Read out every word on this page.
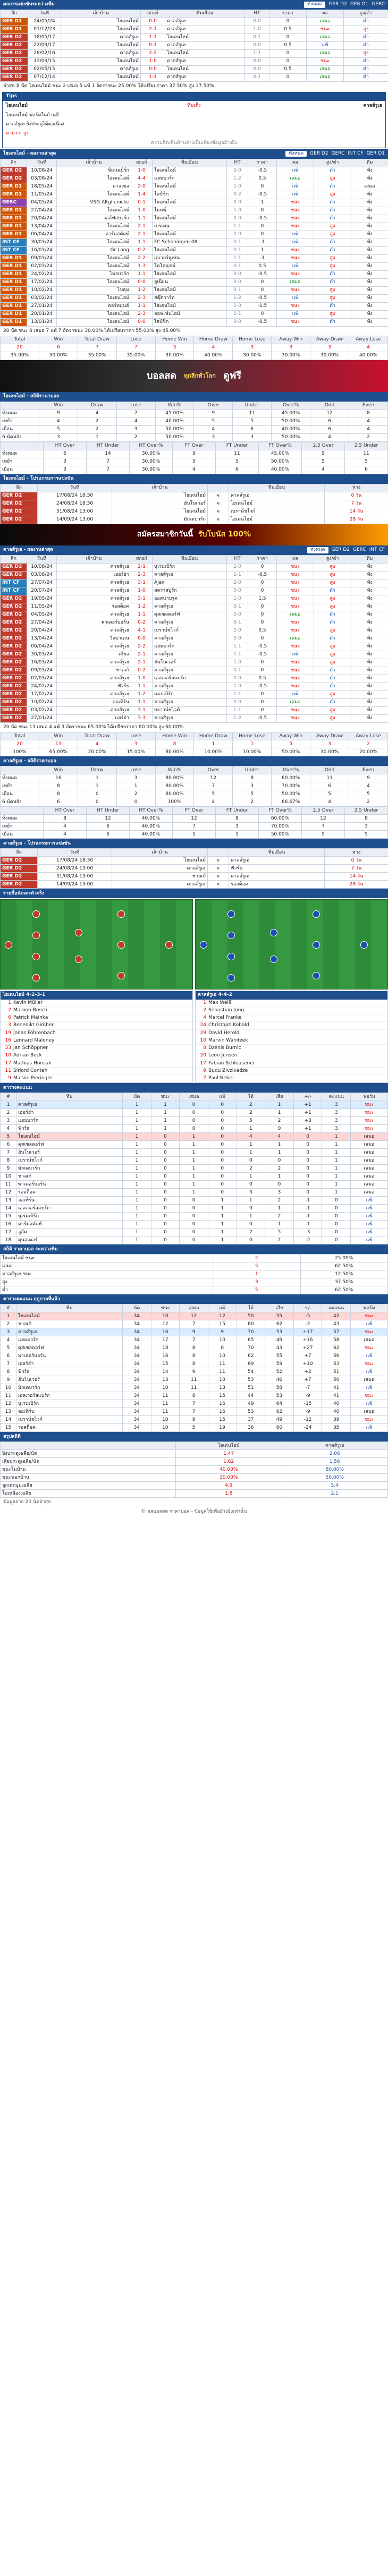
ผลการแข่งขันระหว่างทีม	ทั้งหมด	GER D2 GER D1 GERC
ลีก	วันที่	เจ้าบ้าน	สกอร์	ทีมเยือน	HT	ราคา	ผล	สูง/ต่ำ
GER D1	24/05/24	ไฮเดนไฮม์	0-0	คาลส์รูเฮ	0-0	0	เสมอ	ต่ำ
GER D1	01/12/23	ไฮเดนไฮม์	2-1	คาลส์รูเฮ	1-0	0.5	ชนะ	สูง
GER D2	18/05/17	คาลส์รูเฮ	1-1	ไฮเดนไฮม์	0-1	0	เสมอ	ต่ำ
GER D2	22/09/17	ไฮเดนไฮม์	0-1	คาลส์รูเฮ	0-0	0.5	แพ้	ต่ำ
GER D2	28/02/16	คาลส์รูเฮ	2-2	ไฮเดนไฮม์	1-1	0	เสมอ	สูง
GER D2	13/09/15	ไฮเดนไฮม์	1-0	คาลส์รูเฮ	0-0	0	ชนะ	ต่ำ
GER D2	02/05/15	คาลส์รูเฮ	0-0	ไฮเดนไฮม์	0-0	0.5	เสมอ	ต่ำ
GER D2	07/12/14	ไฮเดนไฮม์	1-1	คาลส์รูเฮ	0-1	0	เสมอ	ต่ำ
ล่าสุด 8 นัด ไฮเดนไฮม์ ชนะ 2 เสมอ 5 แพ้ 1 อัตราชนะ 25.00% ได้เปรียบราคา 37.50% สูง 37.50%
Tips
ไฮเดนไฮม์	ทีมเต็ง	คาลส์รูเฮ
ไฮเดนไฮม์ ฟอร์มในบ้านดี
คาลส์รูเฮ ยิงประตูได้ต่อเนื่อง
คาดว่า: สูง
ความคิดเห็นด้านล่างเป็นเพียงข้อมูลอ้างอิง
ไฮเดนไฮม์ - ผลงานล่าสุด	ทั้งหมด	GER D2 GERC INT CF GER D1
ลีก	วันที่	เจ้าบ้าน	สกอร์	ทีมเยือน	HT	ราคา	ผล	สูง/ต่ำ	ทีม
GER D2	10/08/24	ซิเดนเบิร์ก	1-0	ไฮเดนไฮม์	0-0	-0.5	แพ้	ต่ำ	ทั้ง
GER D2	03/08/24	ไฮเดนไฮม์	4-4	แฮมบวร์ก	1-2	0.5	เสมอ	สูง	ทั้ง
GER D1	18/05/24	คาสเซล	2-0	ไฮเดนไฮม์	1-0	0	แพ้	ต่ำ	เสมอ
GER D1	11/05/24	ไฮเดนไฮม์	1-4	ไลป์ซิก	0-2	-0.5	แพ้	สูง	ทั้ง
GERC	04/05/24	VSG Altglienicke	0-1	ไฮเดนไฮม์	0-0	1	ชนะ	ต่ำ	ทั้ง
GER D1	27/04/24	ไฮเดนไฮม์	1-0	ไมนซ์	1-0	0	ชนะ	ต่ำ	ทั้ง
GER D1	20/04/24	วอล์ฟสบวร์ก	1-1	ไฮเดนไฮม์	0-0	-0.5	ชนะ	ต่ำ	ทั้ง
GER D1	13/04/24	ไฮเดนไฮม์	2-1	เบรเมน	1-1	0	ชนะ	สูง	ทั้ง
GER D1	06/04/24	ดาร์มสตัดท์	2-1	ไฮเดนไฮม์	2-0	0	แพ้	สูง	ทั้ง
INT CF	30/03/24	ไฮเดนไฮม์	1-1	FC Schoningen 08	0-1	-1	แพ้	ต่ำ	ทั้ง
INT CF	16/03/24	Gr Lang	0-2	ไฮเดนไฮม์	0-1	1	ชนะ	ต่ำ	ทั้ง
GER D1	09/03/24	ไฮเดนไฮม์	2-2	เลเวอร์คูเซ่น	1-1	-1	ชนะ	สูง	ทั้ง
GER D1	02/03/24	ไฮเดนไฮม์	1-3	โคโลญจน์	0-1	0.5	แพ้	สูง	ทั้ง
GER D1	24/02/24	ไฟรบวร์ก	1-1	ไฮเดนไฮม์	0-0	-0.5	ชนะ	ต่ำ	ทั้ง
GER D1	17/02/24	ไฮเดนไฮม์	0-0	ยูเนี่ยน	0-0	0	เสมอ	ต่ำ	ทั้ง
GER D1	10/02/24	โบคุม	1-2	ไฮเดนไฮม์	0-1	0	ชนะ	สูง	ทั้ง
GER D1	03/02/24	ไฮเดนไฮม์	2-3	สตุ๊ตการ์ท	1-2	-0.5	แพ้	สูง	ทั้ง
GER D1	27/01/24	ดอร์ทมุนด์	1-1	ไฮเดนไฮม์	1-0	-1.5	ชนะ	ต่ำ	ทั้ง
GER D1	20/01/24	ไฮเดนไฮม์	2-3	ฮอฟเฟ่นไฮม์	1-1	0	แพ้	สูง	ทั้ง
GER D1	13/01/24	ไฮเดนไฮม์	0-0	ไลป์ซิก	0-0	-0.5	ชนะ	ต่ำ	ทั้ง
20 นัด ชนะ 6 เสมอ 7 แพ้ 7 อัตราชนะ 30.00% ได้เปรียบราคา 55.00% สูง 45.00%
Total	Win	Total Draw	Lose	Home Win	Home Draw	Home Lose	Away Win	Away Draw	Away Lose
20	6	7	7	3	4	3	3	3	4
35.00%	30.00%	35.00%	35.00%	30.00%	40.00%	30.00%	30.00%	30.00%	40.00%
บอลสด ทุกลีกทั่วโลก ดูฟรี
ไฮเดนไฮม์ - สถิติราคาบอล
	Win	Draw	Lose	Win%	Over	Under	Over%	Odd	Even
ทั้งหมด	9	4	7	45.00%	9	11	45.00%	12	8
เหย้า	4	2	4	40.00%	5	5	50.00%	6	4
เยือน	5	2	3	50.00%	4	6	40.00%	6	4
6 นัดหลัง	3	1	2	50.00%	3	3	50.00%	4	2
	HT Over	HT Under	HT Over%	FT Over	FT Under	FT Over%	2.5 Over	2.5 Under
ทั้งหมด	6	14	30.00%	9	11	45.00%	9	11
เหย้า	3	7	30.00%	5	5	50.00%	5	5
เยือน	3	7	30.00%	4	6	40.00%	4	6
ไฮเดนไฮม์ - โปรแกรมการแข่งขัน
ลีก	วันที่	เจ้าบ้าน		ทีมเยือน	ห่าง
GER D2	17/08/24 18:30	ไฮเดนไฮม์	v	คาลส์รูเฮ	0 วัน
GER D2	24/08/24 18:30	ฮันโนเวอร์	v	ไฮเดนไฮม์	7 วัน
GER D2	31/08/24 13:00	ไฮเดนไฮม์	v	เบราน์ชไวก์	14 วัน
GER D2	14/09/24 13:00	มักเดบวร์ก	v	ไฮเดนไฮม์	28 วัน
สมัครสมาชิกวันนี้ รับโบนัส 100%
คาลส์รูเฮ - ผลงานล่าสุด	ทั้งหมด	GER D2 GERC INT CF
ลีก	วันที่	เจ้าบ้าน	สกอร์	ทีมเยือน	HT	ราคา	ผล	สูง/ต่ำ	ทีม
GER D2	10/08/24	คาลส์รูเฮ	2-1	นูเรมเบิร์ก	1-0	0	ชนะ	สูง	ทั้ง
GER D2	03/08/24	เฮอร์ธ่า	2-3	คาลส์รูเฮ	1-1	-0.5	ชนะ	สูง	ทั้ง
INT CF	27/07/24	คาลส์รูเฮ	3-1	Ajax	2-0	0	ชนะ	สูง	ทั้ง
INT CF	20/07/24	คาลส์รูเฮ	1-0	สตราสบูร์ก	0-0	0	ชนะ	ต่ำ	ทั้ง
GER D2	19/05/24	คาลส์รูเฮ	3-1	ออสนาบรูค	1-0	1.5	ชนะ	สูง	ทั้ง
GER D2	11/05/24	รอสต็อค	1-2	คาลส์รูเฮ	0-1	0	ชนะ	สูง	ทั้ง
GER D2	04/05/24	คาลส์รูเฮ	1-1	ดุสเซลดอร์ฟ	0-0	0	เสมอ	ต่ำ	ทั้ง
GER D2	27/04/24	พาเดอร์บอร์น	0-2	คาลส์รูเฮ	0-1	0	ชนะ	ต่ำ	ทั้ง
GER D2	20/04/24	คาลส์รูเฮ	4-1	เบราน์ชไวก์	2-0	0.5	ชนะ	สูง	ทั้ง
GER D2	13/04/24	วีสบาเดน	0-0	คาลส์รูเฮ	0-0	0	เสมอ	ต่ำ	ทั้ง
GER D2	06/04/24	คาลส์รูเฮ	2-2	แฮมบวร์ก	1-1	-0.5	ชนะ	สูง	ทั้ง
GER D2	30/03/24	เคียล	2-1	คาลส์รูเฮ	1-1	-0.5	แพ้	สูง	ทั้ง
GER D2	16/03/24	คาลส์รูเฮ	2-1	ฮันโนเวอร์	1-0	0	ชนะ	สูง	ทั้ง
GER D2	09/03/24	ชาลเก้	0-2	คาลส์รูเฮ	0-1	0	ชนะ	ต่ำ	ทั้ง
GER D2	02/03/24	คาลส์รูเฮ	1-0	เอลเวอร์สแบร์ก	0-0	0.5	ชนะ	ต่ำ	ทั้ง
GER D2	24/02/24	ฟัวร์ธ	1-1	คาลส์รูเฮ	1-0	-0.5	ชนะ	ต่ำ	ทั้ง
GER D2	17/02/24	คาลส์รูเฮ	1-2	เมเกเบิร์ก	1-1	0	แพ้	สูง	ทั้ง
GER D2	10/02/24	ลอเทิร์น	1-1	คาลส์รูเฮ	0-0	0	เสมอ	ต่ำ	ทั้ง
GER D2	03/02/24	คาลส์รูเฮ	3-1	บราวน์ชไวค์	1-1	0	ชนะ	สูง	ทั้ง
GER D2	27/01/24	แฮร์ธ่า	3-3	คาลส์รูเฮ	1-2	-0.5	ชนะ	สูง	ทั้ง
20 นัด ชนะ 13 เสมอ 4 แพ้ 3 อัตราชนะ 65.00% ได้เปรียบราคา 80.00% สูง 60.00%
Total	Win	Total Draw	Lose	Home Win	Home Draw	Home Lose	Away Win	Away Draw	Away Lose
20	13	4	3	8	1	1	5	3	2
100%	65.00%	20.00%	15.00%	80.00%	10.00%	10.00%	50.00%	30.00%	20.00%
คาลส์รูเฮ - สถิติราคาบอล
	Win	Draw	Lose	Win%	Over	Under	Over%	Odd	Even
ทั้งหมด	16	1	3	80.00%	12	8	60.00%	11	9
เหย้า	8	1	1	80.00%	7	3	70.00%	6	4
เยือน	8	0	2	80.00%	5	5	50.00%	5	5
6 นัดหลัง	6	0	0	100%	4	2	66.67%	4	2
	HT Over	HT Under	HT Over%	FT Over	FT Under	FT Over%	2.5 Over	2.5 Under
ทั้งหมด	8	12	40.00%	12	8	60.00%	12	8
เหย้า	4	6	40.00%	7	3	70.00%	7	3
เยือน	4	6	40.00%	5	5	50.00%	5	5
คาลส์รูเฮ - โปรแกรมการแข่งขัน
ลีก	วันที่	เจ้าบ้าน		ทีมเยือน	ห่าง
GER D2	17/08/24 18:30	ไฮเดนไฮม์	v	คาลส์รูเฮ	0 วัน
GER D2	24/08/24 13:00	คาลส์รูเฮ	v	ฟัวร์ธ	7 วัน
GER D2	31/08/24 13:00	ชาลเก้	v	คาลส์รูเฮ	14 วัน
GER D2	14/09/24 13:00	คาลส์รูเฮ	v	รอสต็อค	28 วัน
รายชื่อนักเตะตัวจริง
ไฮเดนไฮม์ 4-2-3-1
1 Kevin Müller
2 Marnon Busch
6 Patrick Mainka
3 Benedikt Gimber
19 Jonas Föhrenbach
16 Lennard Maloney
33 Jan Schöppner
10 Adrian Beck
17 Mathias Honsak
11 Sirlord Conteh
9 Marvin Pieringer
คาลส์รูเฮ 4-4-2
1 Max Weiß
2 Sebastian Jung
4 Marcel Franke
24 Christoph Kobald
29 David Herold
10 Marvin Wanitzek
8 Dzenis Burnic
20 Leon Jensen
17 Fabian Schleusener
9 Budu Zivzivadze
7 Paul Nebel
ตารางคะแนน
#	ทีม	นัด	ชนะ	เสมอ	แพ้	ได้	เสีย	+/-	คะแนน	ฟอร์ม
1	คาลส์รูเฮ	1	1	0	0	2	1	+1	3	ชนะ
2	เฮอร์ธ่า	1	1	0	0	2	1	+1	3	ชนะ
3	แฮมบวร์ก	1	1	0	0	5	2	+3	3	ชนะ
4	ฟัวร์ธ	1	1	0	0	1	0	+1	3	ชนะ
5	ไฮเดนไฮม์	1	0	1	0	4	4	0	1	เสมอ
6	ดุสเซลดอร์ฟ	1	0	1	0	1	1	0	1	เสมอ
7	ฮันโนเวอร์	1	0	1	0	1	1	0	1	เสมอ
8	เบราน์ชไวก์	1	0	1	0	0	0	0	1	เสมอ
9	มักเดบวร์ก	1	0	1	0	2	2	0	1	เสมอ
10	ชาลเก้	1	0	1	0	1	1	0	1	เสมอ
11	พาเดอร์บอร์น	1	0	1	0	0	0	0	1	เสมอ
12	รอสต็อค	1	0	1	0	3	3	0	1	เสมอ
13	ลอเทิร์น	1	0	0	1	1	2	-1	0	แพ้
14	เอลเวอร์สแบร์ก	1	0	0	1	0	1	-1	0	แพ้
15	นูเรมเบิร์ก	1	0	0	1	1	2	-1	0	แพ้
16	ดาร์มสตัดท์	1	0	0	1	0	1	-1	0	แพ้
17	อูล์ม	1	0	0	1	2	5	-3	0	แพ้
18	มุนสเตอร์	1	0	0	1	0	2	-2	0	แพ้
สถิติ ราคาบอล ระหว่างทีม
ไฮเดนไฮม์ ชนะ	2	25.00%
เสมอ	5	62.50%
คาลส์รูเฮ ชนะ	1	12.50%
สูง	3	37.50%
ต่ำ	5	62.50%
ตารางคะแนน ฤดูกาลที่แล้ว
#	ทีม	นัด	ชนะ	เสมอ	แพ้	ได้	เสีย	+/-	คะแนน	ฟอร์ม
1	ไฮเดนไฮม์	34	10	12	12	50	55	-5	42	ชนะ
2	ชาลเก้	34	12	7	15	60	62	-2	43	แพ้
3	คาลส์รูเฮ	34	16	9	9	70	53	+17	57	ชนะ
4	แฮมบวร์ก	34	17	7	10	65	49	+16	58	เสมอ
5	ดุสเซลดอร์ฟ	34	18	8	8	70	43	+27	62	ชนะ
6	พาเดอร์บอร์น	34	16	8	10	62	55	+7	56	แพ้
7	เฮอร์ธ่า	34	15	8	11	69	59	+10	53	ชนะ
8	ฟัวร์ธ	34	14	9	11	54	52	+2	51	แพ้
9	ฮันโนเวอร์	34	13	11	10	53	46	+7	50	เสมอ
10	มักเดบวร์ก	34	10	11	13	51	58	-7	41	แพ้
11	เอลเวอร์สแบร์ก	34	11	8	15	44	53	-9	41	ชนะ
12	นูเรมเบิร์ก	34	11	7	16	49	64	-15	40	แพ้
13	ลอเทิร์น	34	11	7	16	53	62	-9	40	เสมอ
14	เบราน์ชไวก์	34	10	9	15	37	49	-12	39	ชนะ
15	รอสต็อค	34	10	5	19	36	60	-24	35	แพ้
สรุปสถิติ
	ไฮเดนไฮม์	คาลส์รูเฮ
ยิงประตูเฉลี่ย/นัด	1.47	2.06
เสียประตูเฉลี่ย/นัด	1.62	1.56
ชนะในบ้าน	40.00%	80.00%
ชนะนอกบ้าน	30.00%	50.00%
ลูกเตะมุมเฉลี่ย	4.9	5.4
ใบเหลืองเฉลี่ย	1.8	2.1
ข้อมูลจาก 20 นัดล่าสุด
© ผลบอลสด ราคาบอล - ข้อมูลใช้เพื่ออ้างอิงเท่านั้น
